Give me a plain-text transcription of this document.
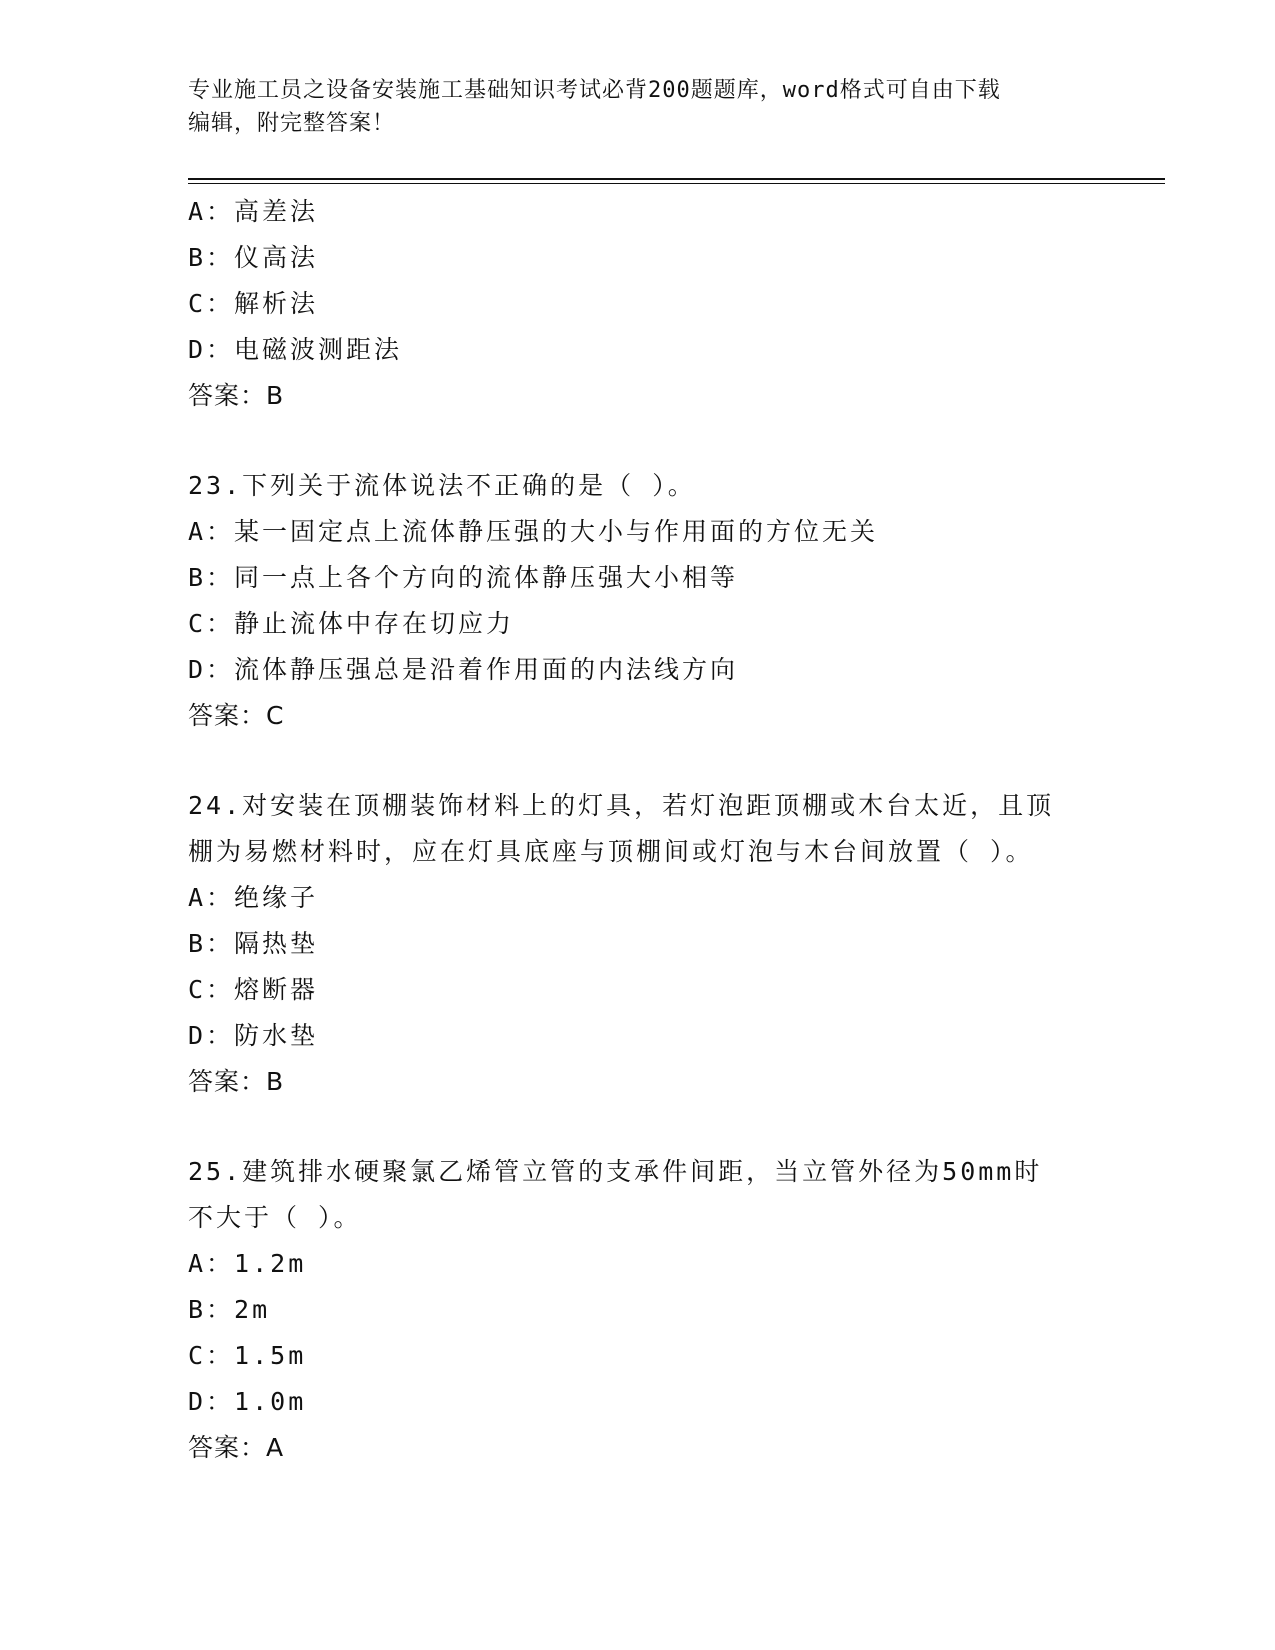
专业施工员之设备安装施工基础知识考试必背200题题库，word格式可自由下载
编辑，附完整答案！
A：高差法
B：仪高法
C：解析法
D：电磁波测距法
答案：B
23.下列关于流体说法不正确的是（ ）。
A：某一固定点上流体静压强的大小与作用面的方位无关
B：同一点上各个方向的流体静压强大小相等
C：静止流体中存在切应力
D：流体静压强总是沿着作用面的内法线方向
答案：C
24.对安装在顶棚装饰材料上的灯具，若灯泡距顶棚或木台太近，且顶
棚为易燃材料时，应在灯具底座与顶棚间或灯泡与木台间放置（ ）。
A：绝缘子
B：隔热垫
C：熔断器
D：防水垫
答案：B
25.建筑排水硬聚氯乙烯管立管的支承件间距，当立管外径为50mm时
不大于（ ）。
A：1.2m
B：2m
C：1.5m
D：1.0m
答案：A
